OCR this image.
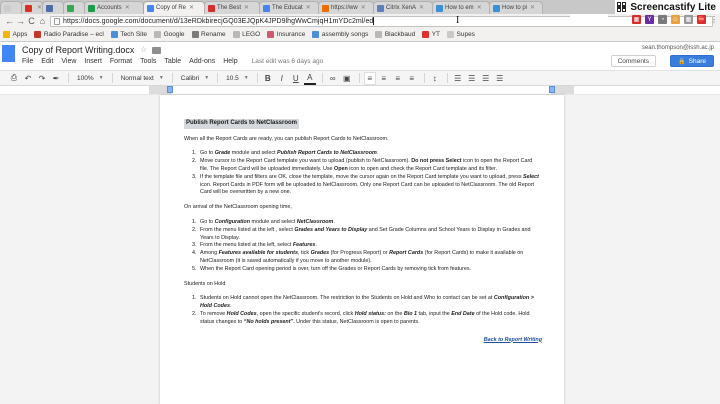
✕	Accounts ✕	Copy of Re ✕	The Best ✕	The Educat ✕	https://ww ✕	Citrix XenA ✕	How to em ✕	How to pi ✕
← → C ⌂	https://docs.google.com/document/d/13eRDkbirecjGQ03EJQpK4JPD9lhgWwCmjqH1mYDc2ml/ed	I
Apps	Radio Paradise – ecl	Tech Site	Google	Rename	LEGO	Insurance	assembly songs	Blackbaud	YT	Supes
Screencastify Lite
▦	Y	◔	☺ ▦ ⛔ ⋮
Copy of Report Writing.docx ☆
File Edit View Insert Format Tools Table Add-ons Help Last edit was 6 days ago
sean.thompson@issh.ac.jp
Comments	🔒 Share
⎙ ↶ ↷ ✒	100% ▼	Normal text ▼	Calibri ▼	10.5 ▼	B	I	U	A	∞ ▣	≡	≡	≡	≡	↕	☰ ☰ ☰ ☰
Publish Report Cards to NetClassroom
When all the Report Cards are ready, you can publish Report Cards to NetClassroom.
1. Go to Grade module and select Publish Report Cards to NetClassroom.
2. Move cursor to the Report Card template you want to upload (publish to NetClassroom). Do not press Select icon to open the Report Card file. The Report Card will be uploaded immediately. Use Open icon to open and check the Report Card template and its filter.
3. If the template file and filters are OK, close the template, move the cursor again on the Report Card template you want to upload, press Select icon. Report Cards in PDF form will be uploaded to NetClassroom. Only one Report Card can be uploaded to NetClassroom. The old Report Card will be overwritten by a new one.
On arrival of the NetClassroom opening time,
1. Go to Configuration module and select NetClassroom.
2. From the menu listed at the left , select Grades and Years to Display and Set Grade Columns and School Years to Display in Grades and Years to Display.
3. From the menu listed at the left, select Features.
4. Among Features available for students, tick Grades (for Progress Report) or Report Cards (for Report Cards) to make it available on NetClassroom (it is saved automatically if you move to another module).
5. When the Report Card opening period is over, turn off the Grades or Report Cards by removing tick from features.
Students on Hold
1. Students on Hold cannot open the NetClassroom. The restriction to the Students on Hold and Who to contact can be set at Configuration > Hold Codes.
2. To remove Hold Codes, open the specific student's record, click Hold status: on the Bio 1 tab, input the End Date of the Hold code. Hold status changes to “No holds present”. Under this status, NetClassroom is open to parents.
Back to Report Writing
